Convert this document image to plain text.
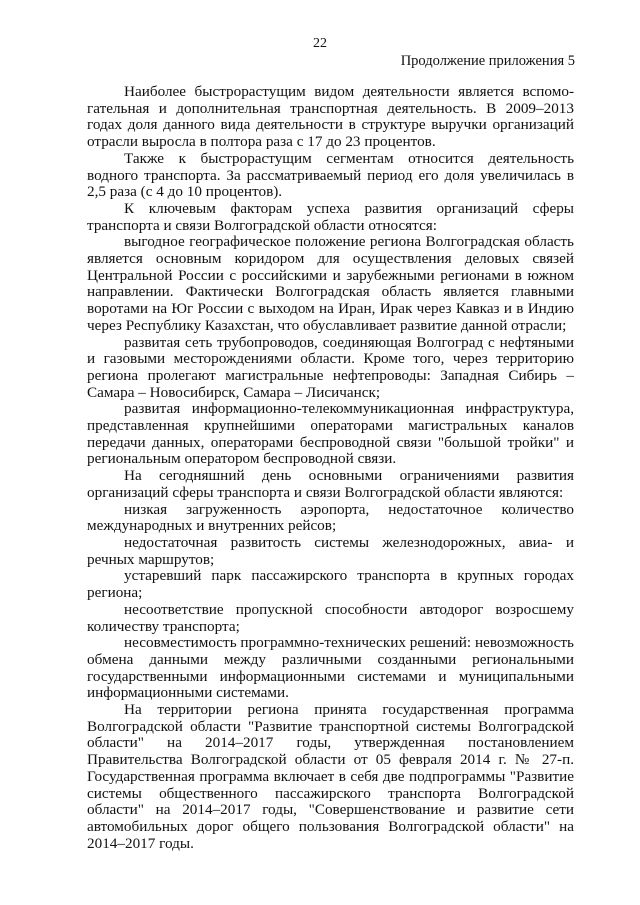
22
Продолжение приложения 5

Наиболее быстрорастущим видом деятельности является вспомогательная и дополнительная транспортная деятельность. В 2009–2013 годах доля данного вида деятельности в структуре выручки организаций отрасли выросла в полтора раза с 17 до 23 процентов.

Также к быстрорастущим сегментам относится деятельность водного транспорта. За рассматриваемый период его доля увеличилась в 2,5 раза (с 4 до 10 процентов).

К ключевым факторам успеха развития организаций сферы транспорта и связи Волгоградской области относятся:

выгодное географическое положение региона Волгоградская область является основным коридором для осуществления деловых связей Центральной России с российскими и зарубежными регионами в южном направлении. Фактически Волгоградская область является главными воротами на Юг России с выходом на Иран, Ирак через Кавказ и в Индию через Республику Казахстан, что обуславливает развитие данной отрасли;

развитая сеть трубопроводов, соединяющая Волгоград с нефтяными и газовыми месторождениями области. Кроме того, через территорию региона пролегают магистральные нефтепроводы: Западная Сибирь – Самара – Новосибирск, Самара – Лисичанск;

развитая информационно-телекоммуникационная инфраструктура, представленная крупнейшими операторами магистральных каналов передачи данных, операторами беспроводной связи "большой тройки" и региональным оператором беспроводной связи.

На сегодняшний день основными ограничениями развития организаций сферы транспорта и связи Волгоградской области являются:

низкая загруженность аэропорта, недостаточное количество международных и внутренних рейсов;

недостаточная развитость системы железнодорожных, авиа- и речных маршрутов;

устаревший парк пассажирского транспорта в крупных городах региона;

несоответствие пропускной способности автодорог возросшему количеству транспорта;

несовместимость программно-технических решений: невозможность обмена данными между различными созданными региональными государственными информационными системами и муниципальными информационными системами.

На территории региона принята государственная программа Волгоградской области "Развитие транспортной системы Волгоградской области" на 2014–2017 годы, утвержденная постановлением Правительства Волгоградской области от 05 февраля 2014 г. № 27-п. Государственная программа включает в себя две подпрограммы "Развитие системы общественного пассажирского транспорта Волгоградской области" на 2014–2017 годы, "Совершенствование и развитие сети автомобильных дорог общего пользования Волгоградской области" на 2014–2017 годы.
